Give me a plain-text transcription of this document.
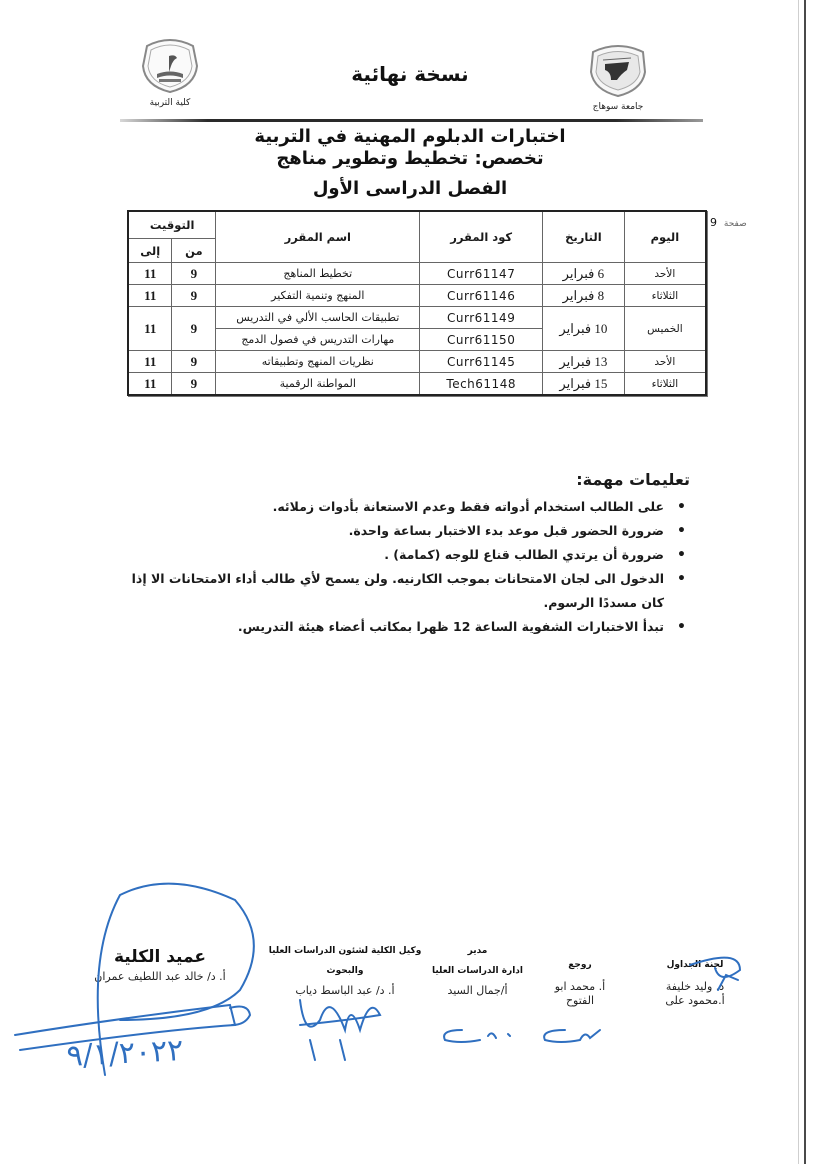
كلية التربية
نسخة نهائية
جامعة سوهاج
اختبارات الدبلوم المهنية في التربية
تخصص: تخطيط وتطوير مناهج
الفصل الدراسى الأول
صفحة 9
اليوم	التاريخ	كود المقرر	اسم المقرر	التوقيت	
				من	إلى
الأحد	6 فبراير	Curr61147	تخطيط المناهج	9	11
الثلاثاء	8 فبراير	Curr61146	المنهج وتنمية التفكير	9	11
الخميس	10 فبراير	Curr61149	تطبيقات الحاسب الألي في التدريس	9	11
		Curr61150	مهارات التدريس في فصول الدمج		
الأحد	13 فبراير	Curr61145	نظريات المنهج وتطبيقاته	9	11
الثلاثاء	15 فبراير	Tech61148	المواطنة الرقمية	9	11
تعليمات مهمة:
• على الطالب استخدام أدواته فقط وعدم الاستعانة بأدوات زملائه.
• ضرورة الحضور قبل موعد بدء الاختبار بساعة واحدة.
• ضرورة أن يرتدي الطالب قناع للوجه (كمامة) .
• الدخول الى لجان الامتحانات بموجب الكارنيه. ولن يسمح لأي طالب أداء الامتحانات الا إذا كان مسددًا الرسوم.
• تبدأ الاختبارات الشفوية الساعة 12 ظهرا بمكاتب أعضاء هيئة التدريس.
لجنة الجداول
د. وليد خليفة
أ.محمود على
روجع
أ. محمد ابو
الفتوح
مدير
ادارة الدراسات العليا
أ/جمال السيد
وكيل الكلية لشئون الدراسات العليا
والبحوث
أ. د/ عبد الباسط دياب
عميد الكلية
أ. د/ خالد عبد اللطيف عمران
٩/١/٢٠٢٢
